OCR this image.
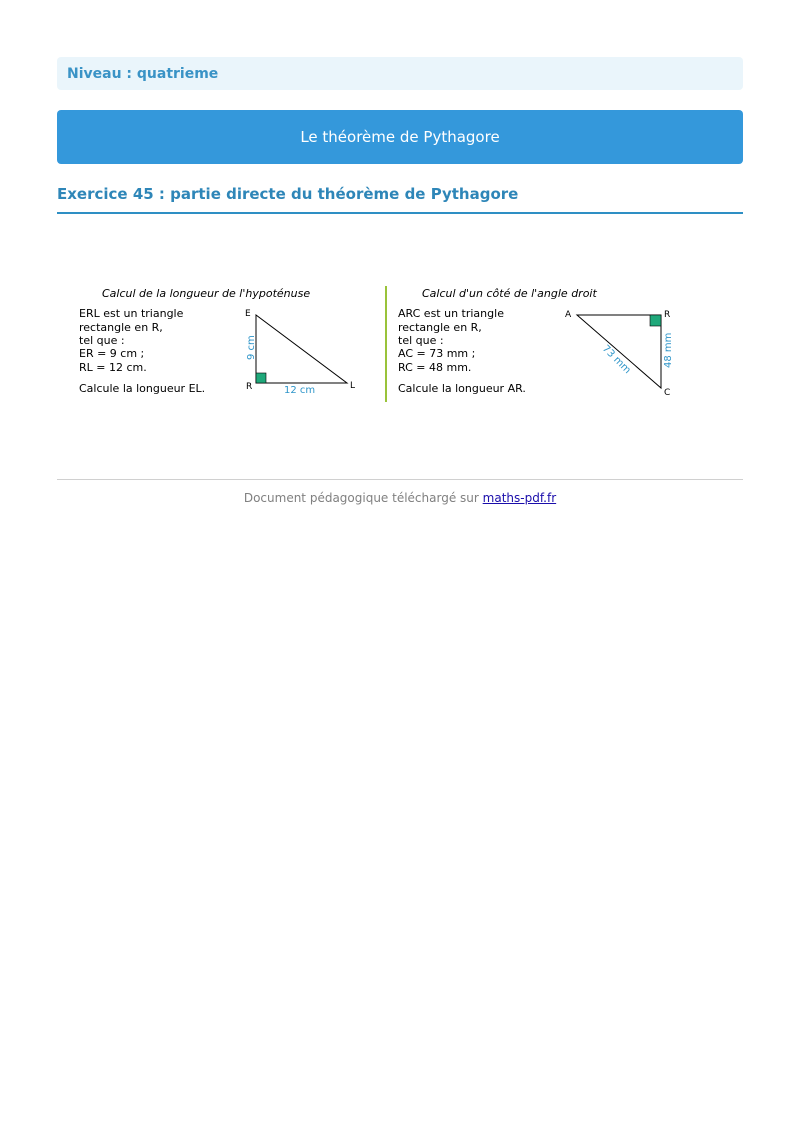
Niveau : quatrieme
Le théorème de Pythagore
Exercice 45 : partie directe du théorème de Pythagore
Calcul de la longueur de l'hypoténuse
ERL est un triangle
rectangle en R,
tel que :
ER = 9 cm ;
RL = 12 cm.
Calcule la longueur EL.
E
R	L
9 cm
12 cm
Calcul d'un côté de l'angle droit
ARC est un triangle
rectangle en R,
tel que :
AC = 73 mm ;
RC = 48 mm.
Calcule la longueur AR.
A	R
C
73 mm	48 mm
Document pédagogique téléchargé sur maths-pdf.fr
